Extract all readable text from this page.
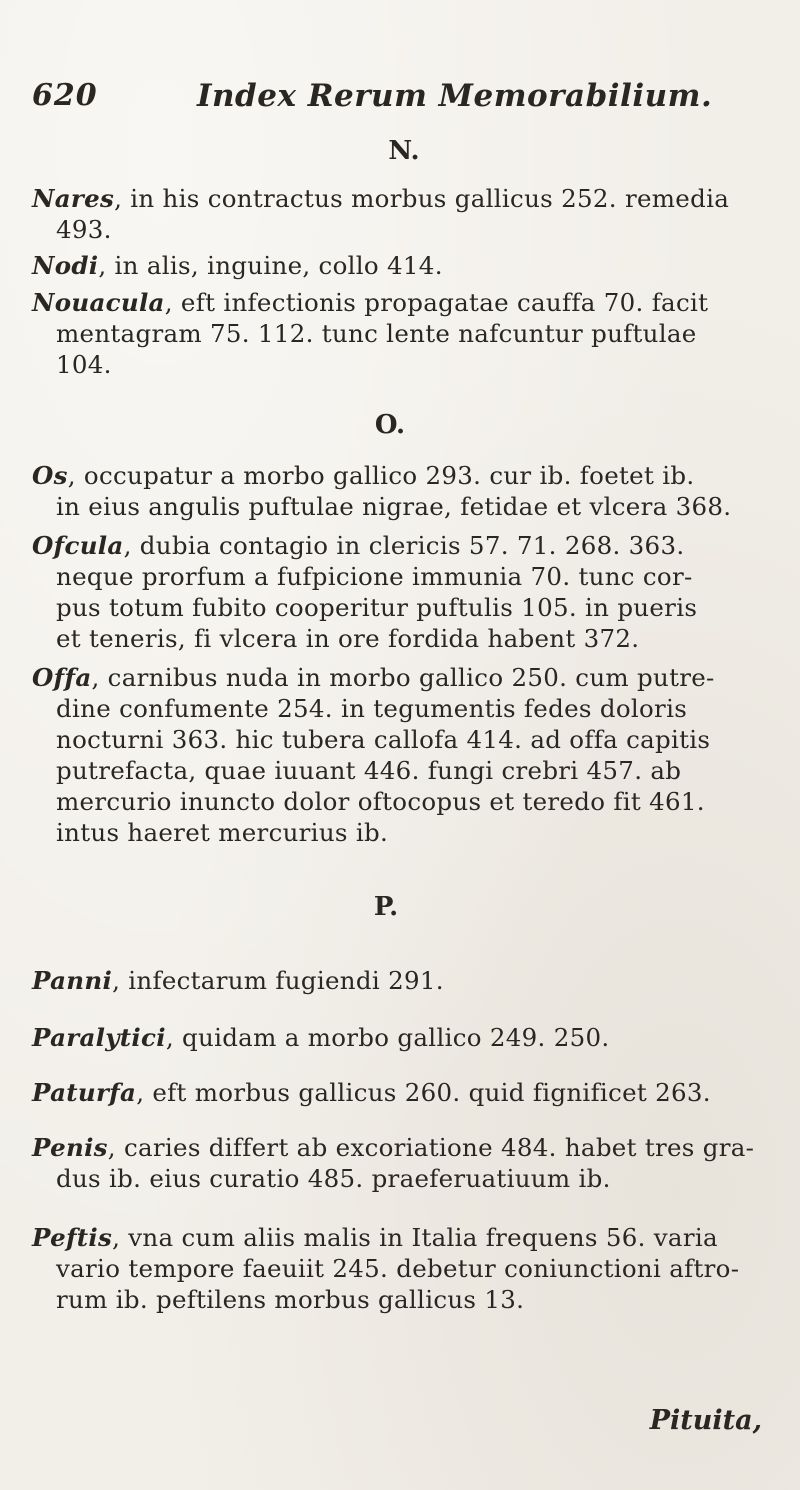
620	Index Rerum Memorabilium.
N.
Nares, in his contractus morbus gallicus 252. remedia
493.
Nodi, in alis, inguine, collo 414.
Nouacula, eft infectionis propagatae cauffa 70. facit
mentagram 75. 112. tunc lente nafcuntur puftulae
104.
O.
Os, occupatur a morbo gallico 293. cur ib. foetet ib.
in eius angulis puftulae nigrae, fetidae et vlcera 368.
Ofcula, dubia contagio in clericis 57. 71. 268. 363.
neque prorfum a fufpicione immunia 70. tunc cor-
pus totum fubito cooperitur puftulis 105. in pueris
et teneris, fi vlcera in ore fordida habent 372.
Offa, carnibus nuda in morbo gallico 250. cum putre-
dine confumente 254. in tegumentis fedes doloris
nocturni 363. hic tubera callofa 414. ad offa capitis
putrefacta, quae iuuant 446. fungi crebri 457. ab
mercurio inuncto dolor oftocopus et teredo fit 461.
intus haeret mercurius ib.
P.
Panni, infectarum fugiendi 291.
Paralytici, quidam a morbo gallico 249. 250.
Paturfa, eft morbus gallicus 260. quid fignificet 263.
Penis, caries differt ab excoriatione 484. habet tres gra-
dus ib. eius curatio 485. praeferuatiuum ib.
Peftis, vna cum aliis malis in Italia frequens 56. varia
vario tempore faeuiit 245. debetur coniunctioni aftro-
rum ib. peftilens morbus gallicus 13.
Pituita,
